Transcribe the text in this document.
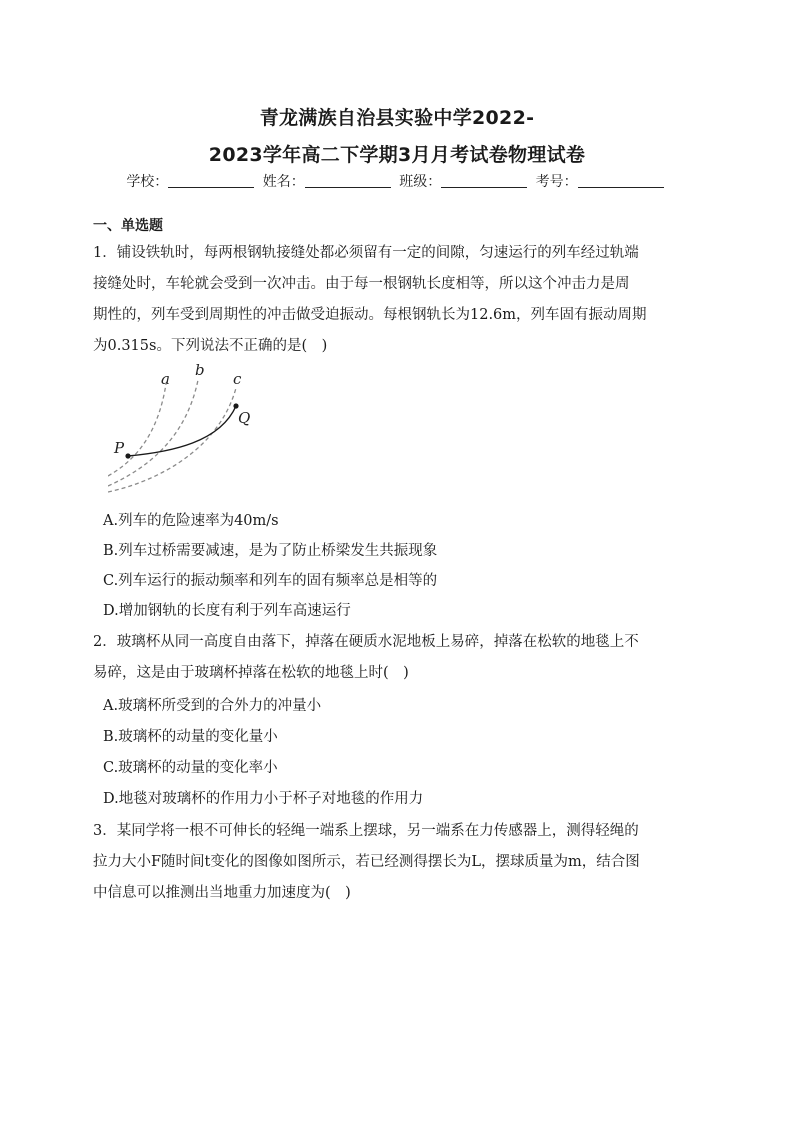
青龙满族自治县实验中学2022-
2023学年高二下学期3月月考试卷物理试卷
学校：	姓名：	班级：	考号：
一、单选题
1．铺设铁轨时，每两根钢轨接缝处都必须留有一定的间隙，匀速运行的列车经过轨端
接缝处时，车轮就会受到一次冲击。由于每一根钢轨长度相等，所以这个冲击力是周
期性的，列车受到周期性的冲击做受迫振动。每根钢轨长为12.6m，列车固有振动周期
为0.315s。下列说法不正确的是(　)
a b c
P
Q
A.列车的危险速率为40m/s
B.列车过桥需要减速，是为了防止桥梁发生共振现象
C.列车运行的振动频率和列车的固有频率总是相等的
D.增加钢轨的长度有利于列车高速运行
2．玻璃杯从同一高度自由落下，掉落在硬质水泥地板上易碎，掉落在松软的地毯上不
易碎，这是由于玻璃杯掉落在松软的地毯上时(　)
A.玻璃杯所受到的合外力的冲量小
B.玻璃杯的动量的变化量小
C.玻璃杯的动量的变化率小
D.地毯对玻璃杯的作用力小于杯子对地毯的作用力
3．某同学将一根不可伸长的轻绳一端系上摆球，另一端系在力传感器上，测得轻绳的
拉力大小F随时间t变化的图像如图所示，若已经测得摆长为L，摆球质量为m，结合图
中信息可以推测出当地重力加速度为(　)
